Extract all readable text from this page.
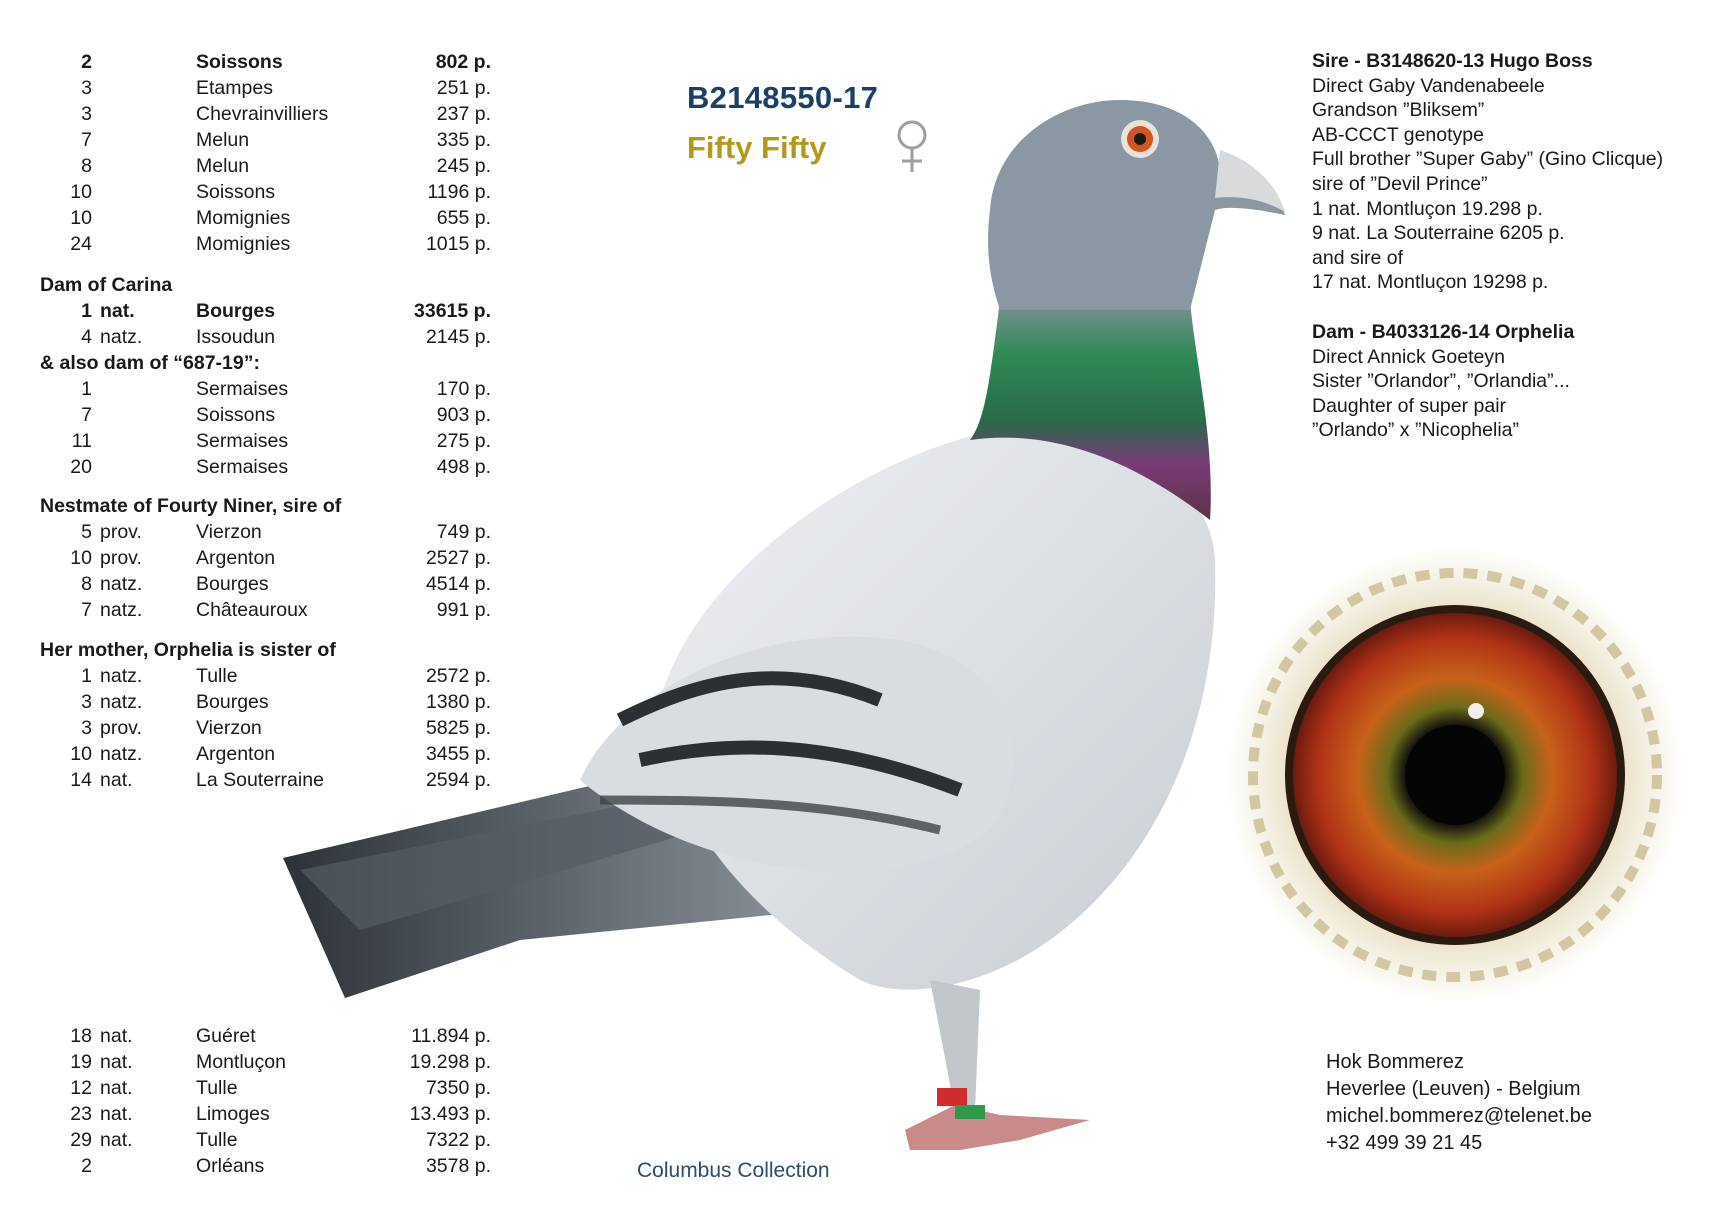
B2148550-17
Fifty Fifty
2		Soissons	802 p.
3		Etampes	251 p.
3		Chevrainvilliers	237 p.
7		Melun	335 p.
8		Melun	245 p.
10		Soissons	1196 p.
10		Momignies	655 p.
24		Momignies	1015 p.
Dam of Carina
1	nat.	Bourges	33615 p.
4	natz.	Issoudun	2145 p.
& also dam of “687-19”:
1		Sermaises	170 p.
7		Soissons	903 p.
11		Sermaises	275 p.
20		Sermaises	498 p.
Nestmate of Fourty Niner, sire of
5	prov.	Vierzon	749 p.
10	prov.	Argenton	2527 p.
8	natz.	Bourges	4514 p.
7	natz.	Châteauroux	991 p.
Her mother, Orphelia is sister of
1	natz.	Tulle	2572 p.
3	natz.	Bourges	1380 p.
3	prov.	Vierzon	5825 p.
10	natz.	Argenton	3455 p.
14	nat.	La Souterraine	2594 p.
18	nat.	Guéret	11.894 p.
19	nat.	Montluçon	19.298 p.
12	nat.	Tulle	7350 p.
23	nat.	Limoges	13.493 p.
29	nat.	Tulle	7322 p.
2		Orléans	3578 p.
Sire - B3148620-13 Hugo Boss
Direct Gaby Vandenabeele
Grandson ”Bliksem”
AB-CCCT genotype
Full brother ”Super Gaby” (Gino Clicque)
sire of ”Devil Prince”
1 nat. Montluçon 19.298 p.
9 nat. La Souterraine 6205 p.
and sire of
17 nat. Montluçon 19298 p.
Dam - B4033126-14 Orphelia
Direct Annick Goeteyn
Sister ”Orlandor”, ”Orlandia”...
Daughter of super pair
”Orlando” x ”Nicophelia”
Hok Bommerez
Heverlee (Leuven) - Belgium
michel.bommerez@telenet.be
+32 499 39 21 45
Columbus Collection
